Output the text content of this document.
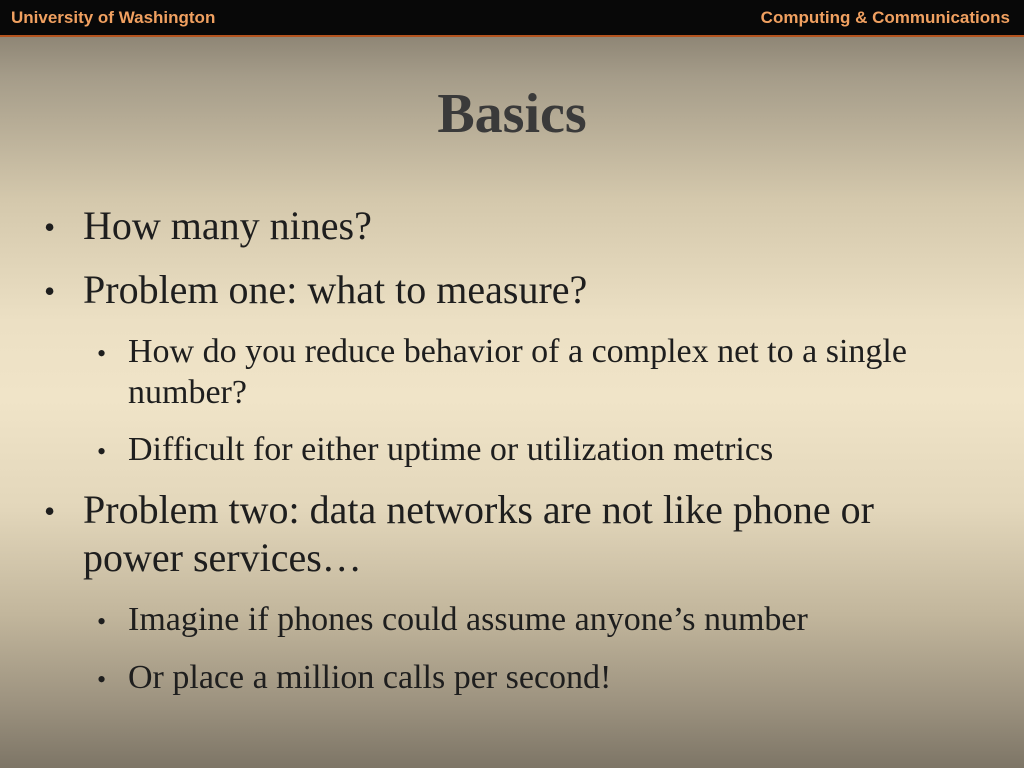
University of Washington	Computing & Communications
Basics
• How many nines?
• Problem one: what to measure?
• How do you reduce behavior of a complex net to a single number?
• Difficult for either uptime or utilization metrics
• Problem two: data networks are not like phone or power services…
• Imagine if phones could assume anyone’s number
• Or place a million calls per second!
